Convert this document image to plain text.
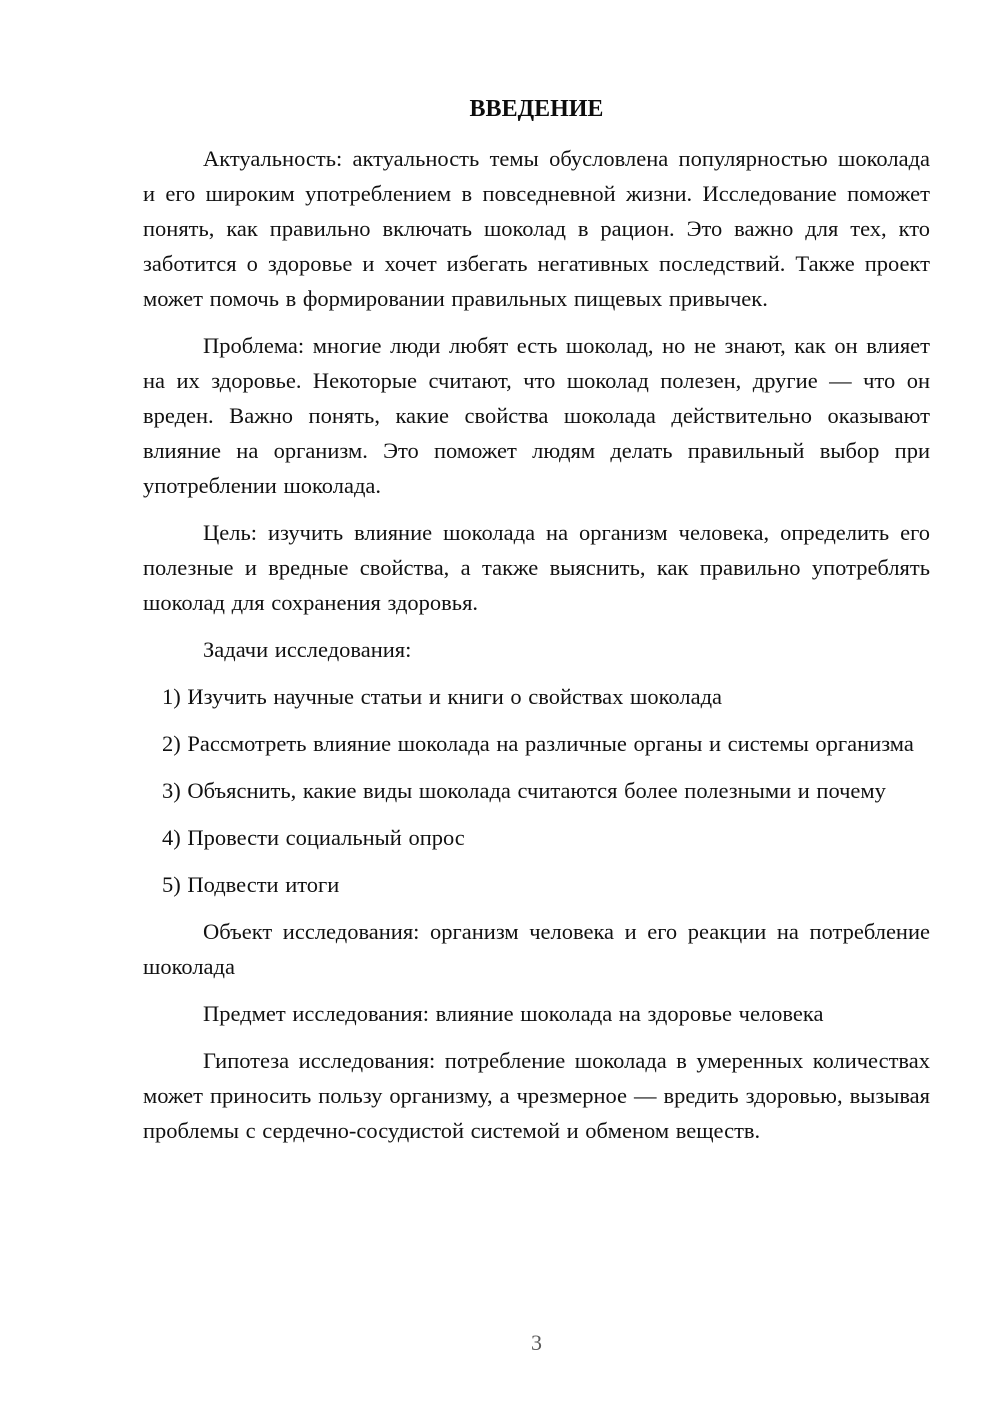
ВВЕДЕНИЕ

Актуальность: актуальность темы обусловлена популярностью шоколада и его широким употреблением в повседневной жизни. Исследование поможет понять, как правильно включать шоколад в рацион. Это важно для тех, кто заботится о здоровье и хочет избегать негативных последствий. Также проект может помочь в формировании правильных пищевых привычек.

Проблема: многие люди любят есть шоколад, но не знают, как он влияет на их здоровье. Некоторые считают, что шоколад полезен, другие — что он вреден. Важно понять, какие свойства шоколада действительно оказывают влияние на организм. Это поможет людям делать правильный выбор при употреблении шоколада.

Цель: изучить влияние шоколада на организм человека, определить его полезные и вредные свойства, а также выяснить, как правильно употреблять шоколад для сохранения здоровья.

Задачи исследования:

1) Изучить научные статьи и книги о свойствах шоколада

2) Рассмотреть влияние шоколада на различные органы и системы организма

3) Объяснить, какие виды шоколада считаются более полезными и почему

4) Провести социальный опрос

5) Подвести итоги

Объект исследования: организм человека и его реакции на потребление шоколада

Предмет исследования: влияние шоколада на здоровье человека

Гипотеза исследования: потребление шоколада в умеренных количествах может приносить пользу организму, а чрезмерное — вредить здоровью, вызывая проблемы с сердечно-сосудистой системой и обменом веществ.

3
